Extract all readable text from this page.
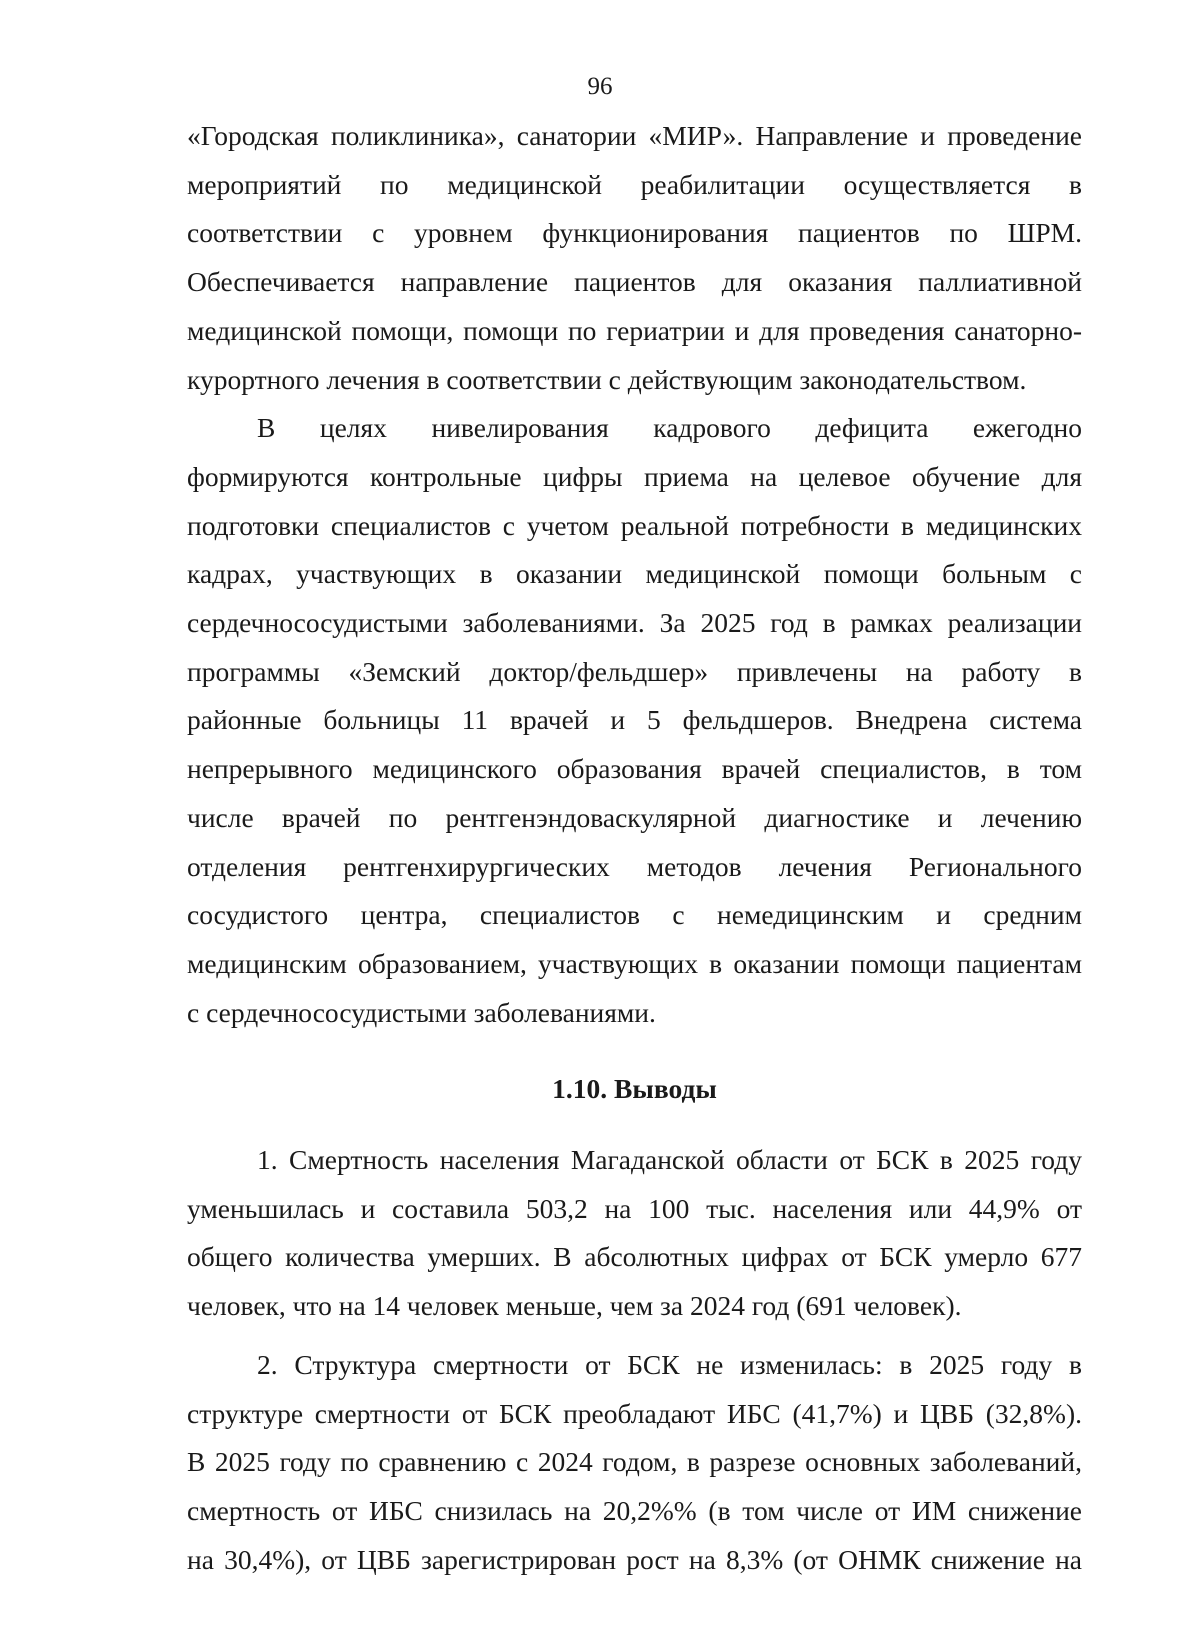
96
«Городская поликлиника», санатории «МИР». Направление и проведение
мероприятий по медицинской реабилитации осуществляется в
соответствии с уровнем функционирования пациентов по ШРМ.
Обеспечивается направление пациентов для оказания паллиативной
медицинской помощи, помощи по гериатрии и для проведения санаторно-
курортного лечения в соответствии с действующим законодательством.
В целях нивелирования кадрового дефицита ежегодно
формируются контрольные цифры приема на целевое обучение для
подготовки специалистов с учетом реальной потребности в медицинских
кадрах, участвующих в оказании медицинской помощи больным с
сердечнососудистыми заболеваниями. За 2025 год в рамках реализации
программы «Земский доктор/фельдшер» привлечены на работу в
районные больницы 11 врачей и 5 фельдшеров. Внедрена система
непрерывного медицинского образования врачей специалистов, в том
числе врачей по рентгенэндоваскулярной диагностике и лечению
отделения рентгенхирургических методов лечения Регионального
сосудистого центра, специалистов с немедицинским и средним
медицинским образованием, участвующих в оказании помощи пациентам
с сердечнососудистыми заболеваниями.
1.10. Выводы
1. Смертность населения Магаданской области от БСК в 2025 году
уменьшилась и составила 503,2 на 100 тыс. населения или 44,9% от
общего количества умерших. В абсолютных цифрах от БСК умерло 677
человек, что на 14 человек меньше, чем за 2024 год (691 человек).
2. Структура смертности от БСК не изменилась: в 2025 году в
структуре смертности от БСК преобладают ИБС (41,7%) и ЦВБ (32,8%).
В 2025 году по сравнению с 2024 годом, в разрезе основных заболеваний,
смертность от ИБС снизилась на 20,2%% (в том числе от ИМ снижение
на 30,4%), от ЦВБ зарегистрирован рост на 8,3% (от ОНМК снижение на
